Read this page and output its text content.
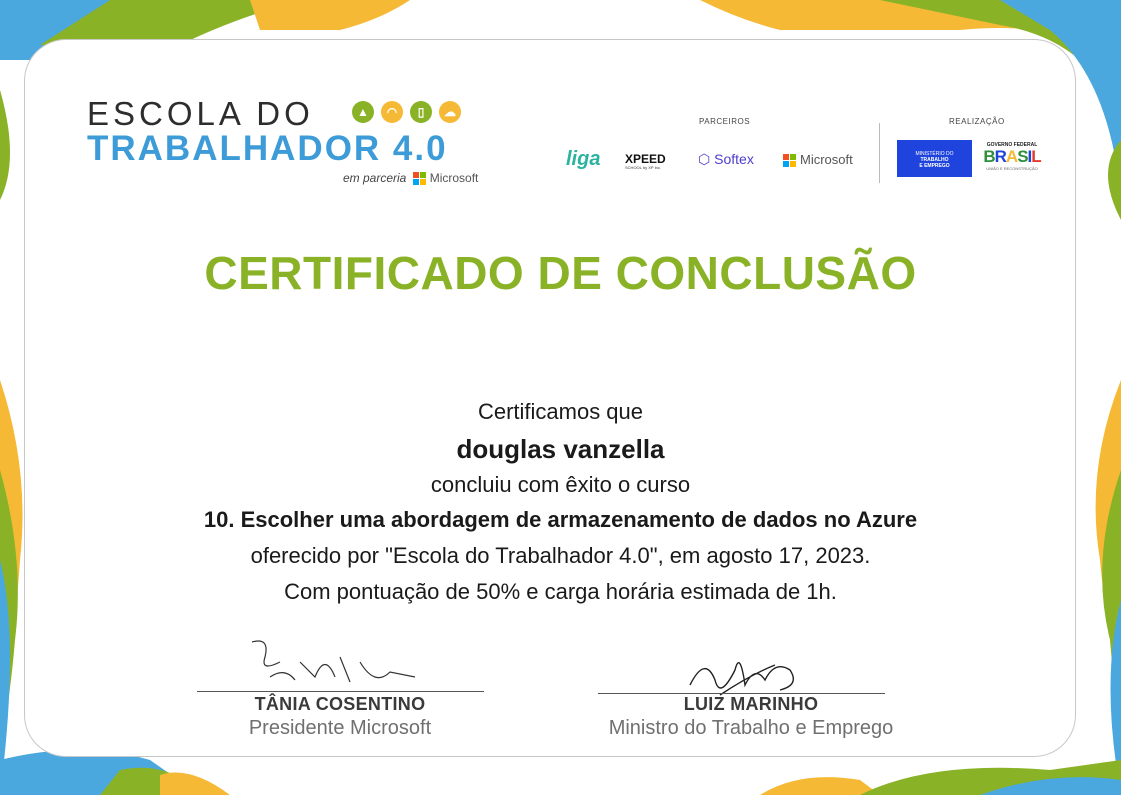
ESCOLA DO
TRABALHADOR 4.0
▲ ◠ ▯ ☁
em parceria Microsoft
PARCEIROS
liga XPEED
SCHOOL by XP Inc.
⬡ Softex	Microsoft
REALIZAÇÃO
MINISTÉRIO DO
TRABALHO
E EMPREGO
GOVERNO FEDERAL
BRASIL
UNIÃO E RECONSTRUÇÃO
CERTIFICADO DE CONCLUSÃO
Certificamos que
douglas vanzella
concluiu com êxito o curso
10. Escolher uma abordagem de armazenamento de dados no Azure
oferecido por "Escola do Trabalhador 4.0", em agosto 17, 2023.
Com pontuação de 50% e carga horária estimada de 1h.
TÂNIA COSENTINO
Presidente Microsoft
LUIZ MARINHO
Ministro do Trabalho e Emprego
